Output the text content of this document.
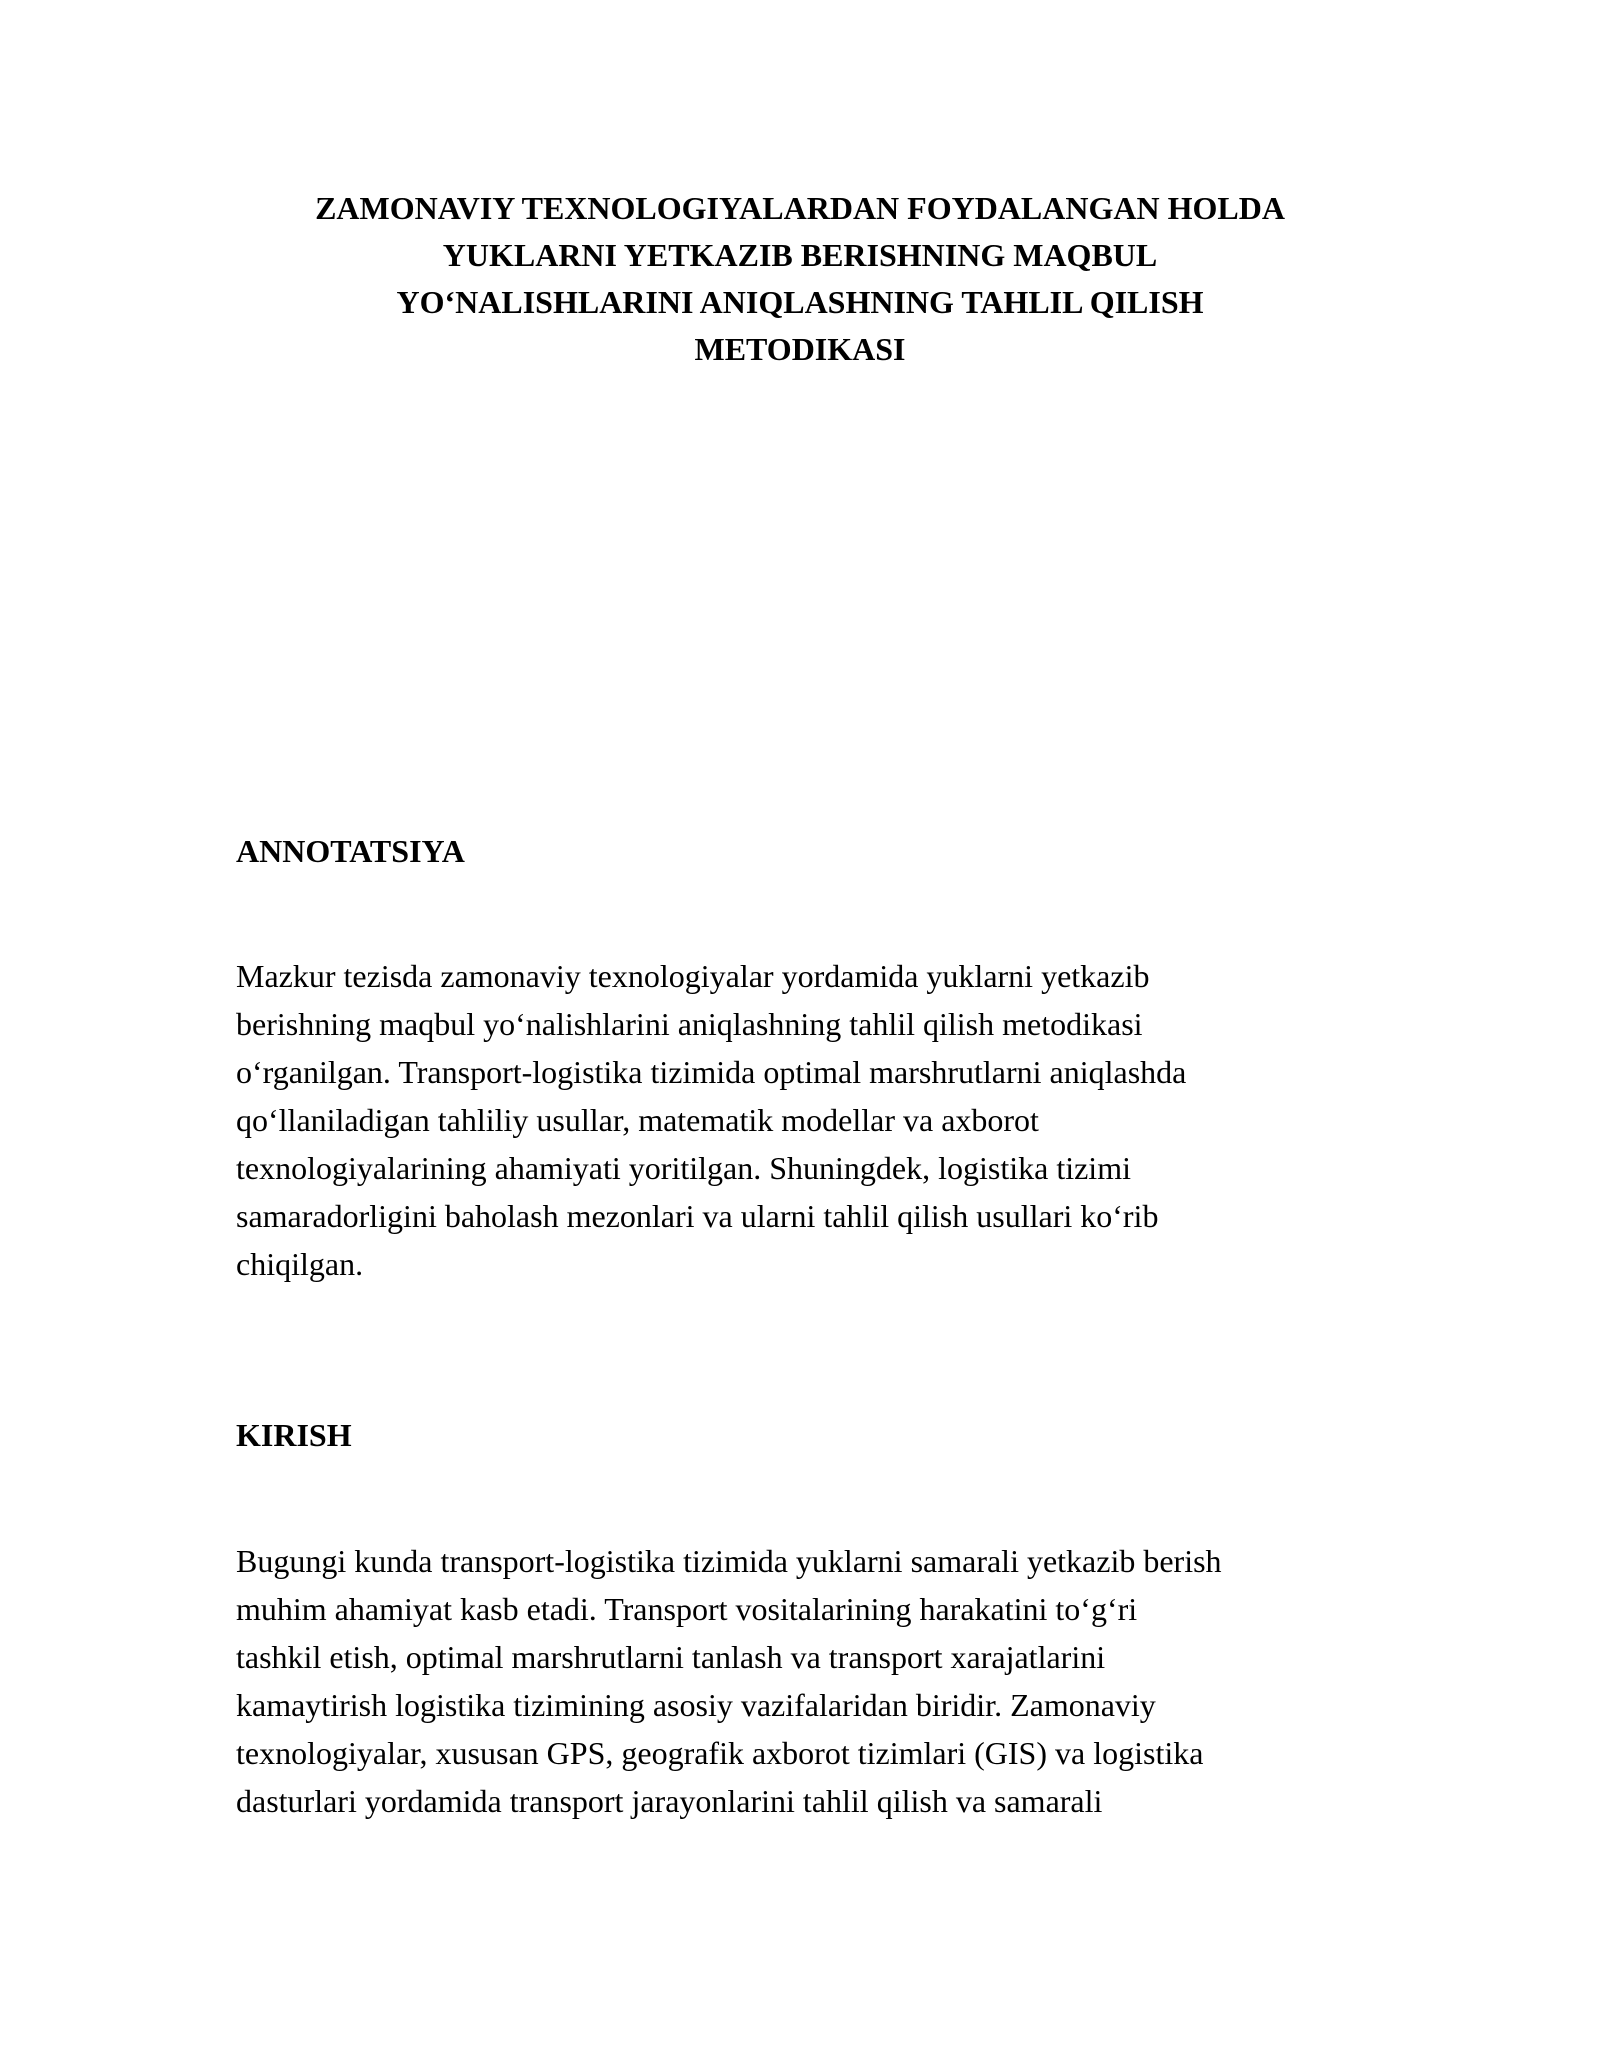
ZAMONAVIY TEXNOLOGIYALARDAN FOYDALANGAN HOLDA
YUKLARNI YETKAZIB BERISHNING MAQBUL
YO‘NALISHLARINI ANIQLASHNING TAHLIL QILISH
METODIKASI
ANNOTATSIYA

Mazkur tezisda zamonaviy texnologiyalar yordamida yuklarni yetkazib
berishning maqbul yo‘nalishlarini aniqlashning tahlil qilish metodikasi
o‘rganilgan. Transport-logistika tizimida optimal marshrutlarni aniqlashda
qo‘llaniladigan tahliliy usullar, matematik modellar va axborot
texnologiyalarining ahamiyati yoritilgan. Shuningdek, logistika tizimi
samaradorligini baholash mezonlari va ularni tahlil qilish usullari ko‘rib
chiqilgan.

KIRISH

Bugungi kunda transport-logistika tizimida yuklarni samarali yetkazib berish
muhim ahamiyat kasb etadi. Transport vositalarining harakatini to‘g‘ri
tashkil etish, optimal marshrutlarni tanlash va transport xarajatlarini
kamaytirish logistika tizimining asosiy vazifalaridan biridir. Zamonaviy
texnologiyalar, xususan GPS, geografik axborot tizimlari (GIS) va logistika
dasturlari yordamida transport jarayonlarini tahlil qilish va samarali
